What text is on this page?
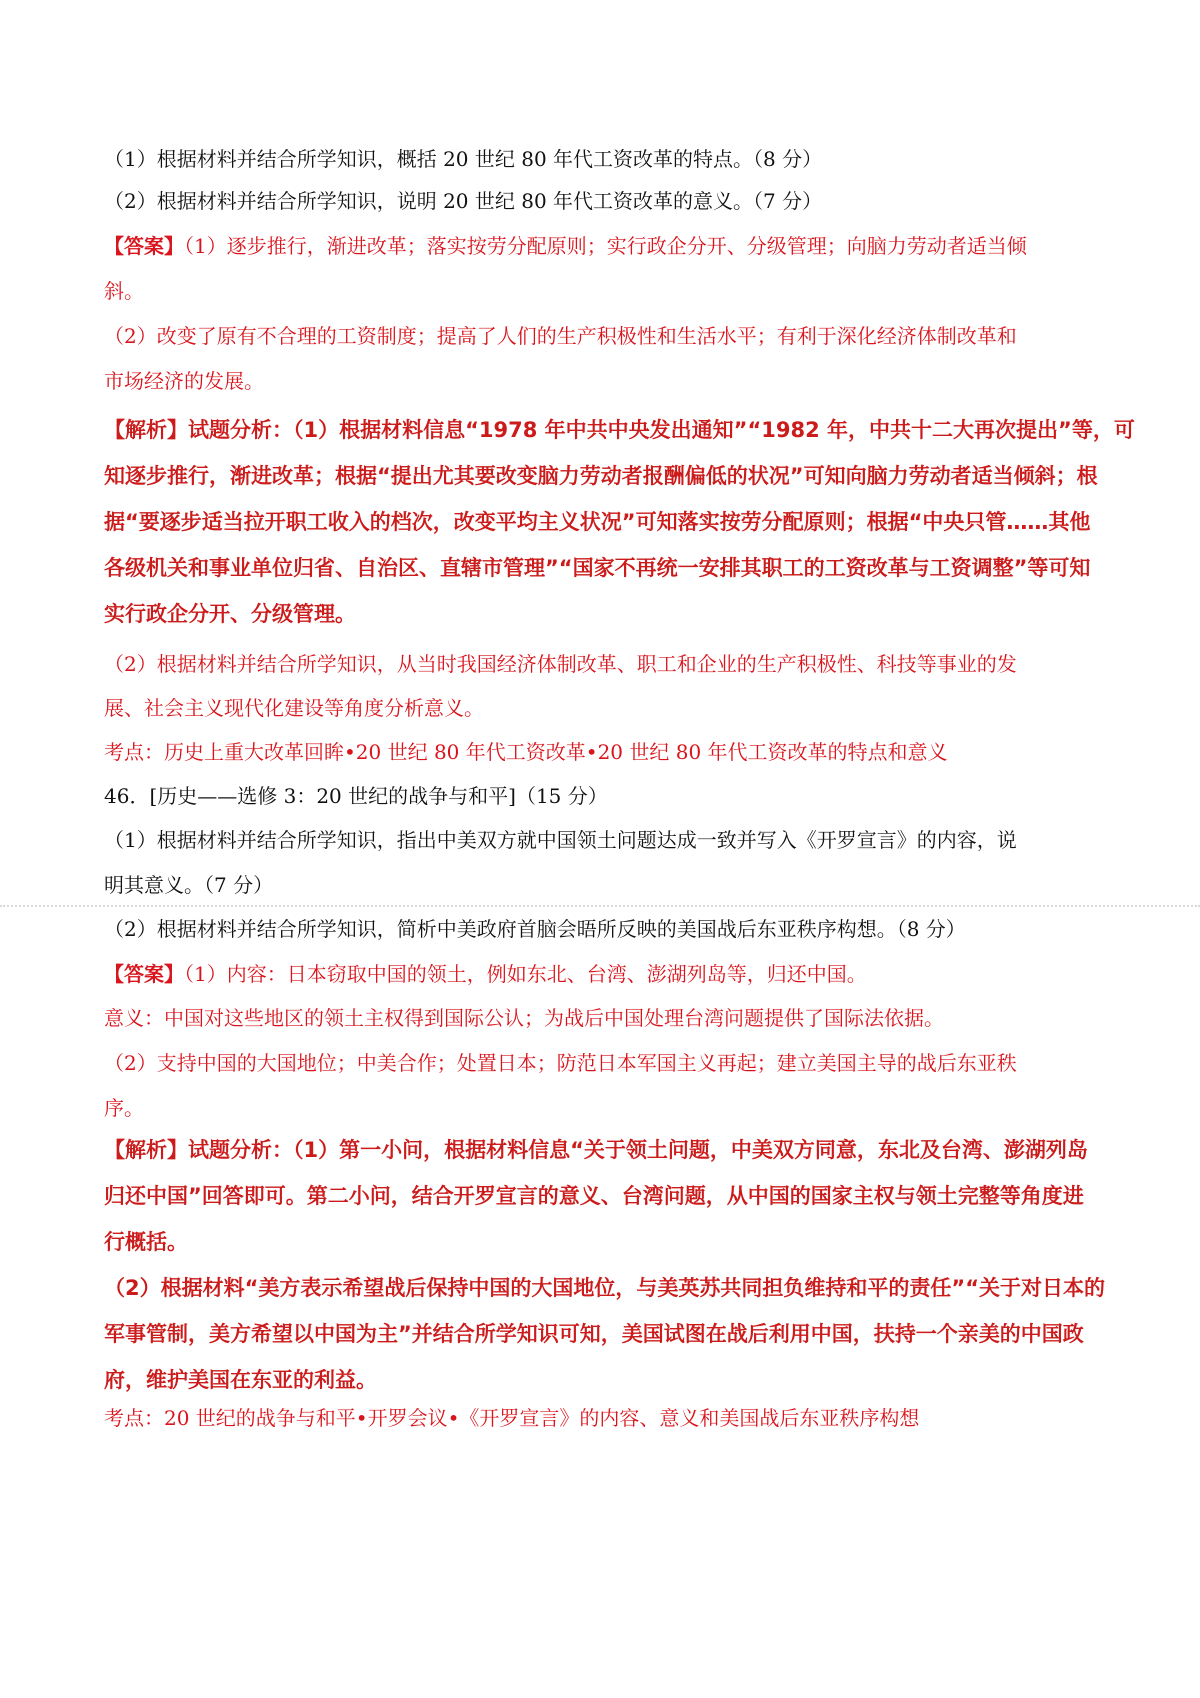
（1）根据材料并结合所学知识，概括 20 世纪 80 年代工资改革的特点。（8 分）
（2）根据材料并结合所学知识，说明 20 世纪 80 年代工资改革的意义。（7 分）
【答案】（1）逐步推行，渐进改革；落实按劳分配原则；实行政企分开、分级管理；向脑力劳动者适当倾
斜。
（2）改变了原有不合理的工资制度；提高了人们的生产积极性和生活水平；有利于深化经济体制改革和
市场经济的发展。
【解析】试题分析：（1）根据材料信息“1978 年中共中央发出通知”“1982 年，中共十二大再次提出”等，可
知逐步推行，渐进改革；根据“提出尤其要改变脑力劳动者报酬偏低的状况”可知向脑力劳动者适当倾斜；根
据“要逐步适当拉开职工收入的档次，改变平均主义状况”可知落实按劳分配原则；根据“中央只管……其他
各级机关和事业单位归省、自治区、直辖市管理”“国家不再统一安排其职工的工资改革与工资调整”等可知
实行政企分开、分级管理。
（2）根据材料并结合所学知识，从当时我国经济体制改革、职工和企业的生产积极性、科技等事业的发
展、社会主义现代化建设等角度分析意义。
考点：历史上重大改革回眸•20 世纪 80 年代工资改革•20 世纪 80 年代工资改革的特点和意义
46．[历史——选修 3：20 世纪的战争与和平]（15 分）
（1）根据材料并结合所学知识，指出中美双方就中国领土问题达成一致并写入《开罗宣言》的内容，说
明其意义。（7 分）
（2）根据材料并结合所学知识，简析中美政府首脑会晤所反映的美国战后东亚秩序构想。（8 分）
【答案】（1）内容：日本窃取中国的领土，例如东北、台湾、澎湖列岛等，归还中国。
意义：中国对这些地区的领土主权得到国际公认；为战后中国处理台湾问题提供了国际法依据。
（2）支持中国的大国地位；中美合作；处置日本；防范日本军国主义再起；建立美国主导的战后东亚秩
序。
【解析】试题分析：（1）第一小问，根据材料信息“关于领土问题，中美双方同意，东北及台湾、澎湖列岛
归还中国”回答即可。第二小问，结合开罗宣言的意义、台湾问题，从中国的国家主权与领土完整等角度进
行概括。
（2）根据材料“美方表示希望战后保持中国的大国地位，与美英苏共同担负维持和平的责任”“关于对日本的
军事管制，美方希望以中国为主”并结合所学知识可知，美国试图在战后利用中国，扶持一个亲美的中国政
府，维护美国在东亚的利益。
考点：20 世纪的战争与和平•开罗会议•《开罗宣言》的内容、意义和美国战后东亚秩序构想
